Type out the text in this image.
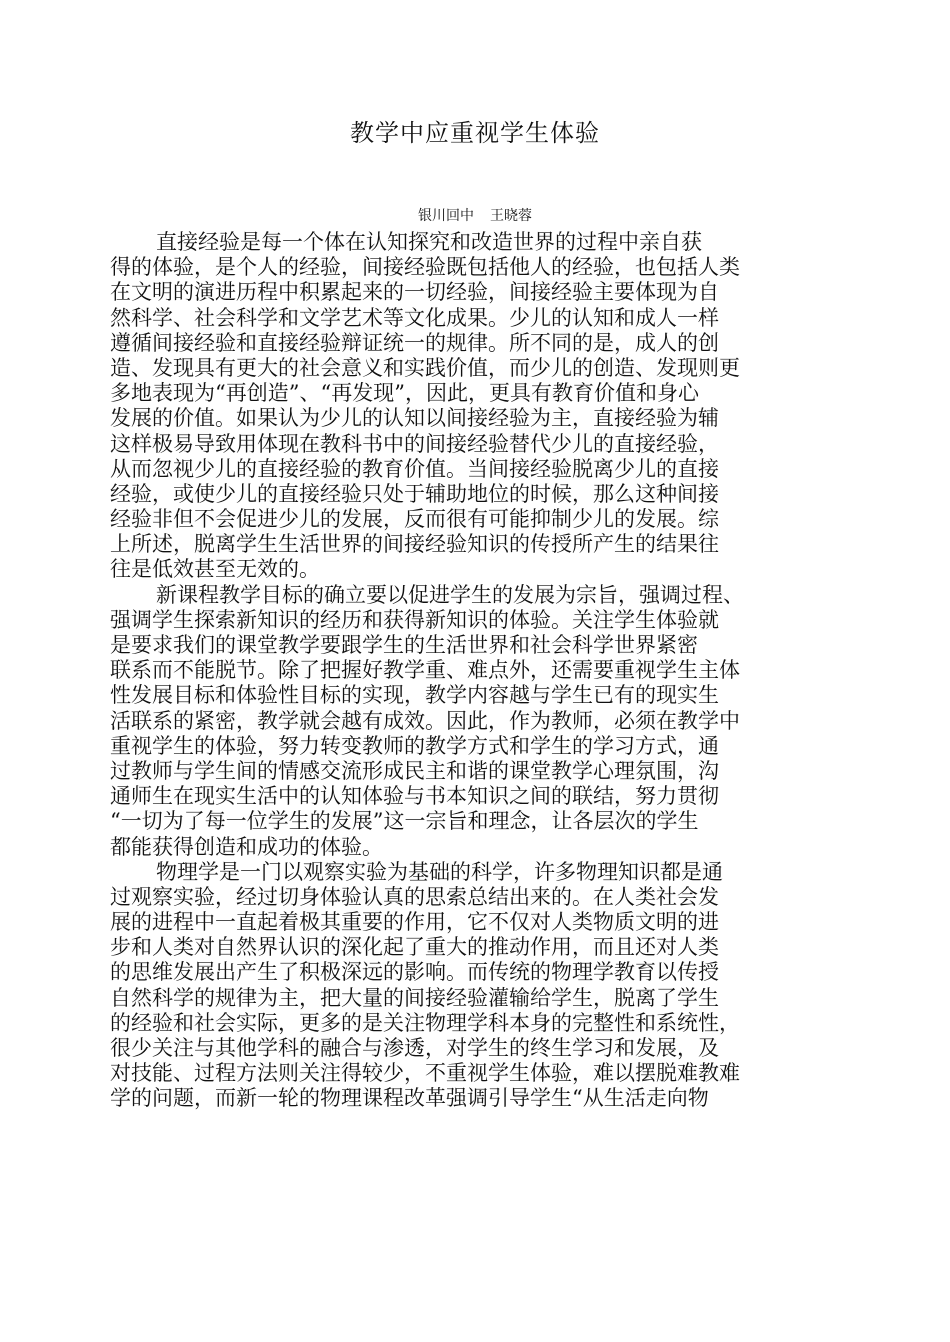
教学中应重视学生体验
银川回中 王晓蓉
直接经验是每一个体在认知探究和改造世界的过程中亲自获
得的体验，是个人的经验，间接经验既包括他人的经验，也包括人类
在文明的演进历程中积累起来的一切经验，间接经验主要体现为自
然科学、社会科学和文学艺术等文化成果。少儿的认知和成人一样
遵循间接经验和直接经验辩证统一的规律。所不同的是，成人的创
造、发现具有更大的社会意义和实践价值，而少儿的创造、发现则更
多地表现为“再创造”、“再发现”，因此，更具有教育价值和身心
发展的价值。如果认为少儿的认知以间接经验为主，直接经验为辅
这样极易导致用体现在教科书中的间接经验替代少儿的直接经验，
从而忽视少儿的直接经验的教育价值。当间接经验脱离少儿的直接
经验，或使少儿的直接经验只处于辅助地位的时候，那么这种间接
经验非但不会促进少儿的发展，反而很有可能抑制少儿的发展。综
上所述，脱离学生生活世界的间接经验知识的传授所产生的结果往
往是低效甚至无效的。
新课程教学目标的确立要以促进学生的发展为宗旨，强调过程、
强调学生探索新知识的经历和获得新知识的体验。关注学生体验就
是要求我们的课堂教学要跟学生的生活世界和社会科学世界紧密
联系而不能脱节。除了把握好教学重、难点外，还需要重视学生主体
性发展目标和体验性目标的实现，教学内容越与学生已有的现实生
活联系的紧密，教学就会越有成效。因此，作为教师，必须在教学中
重视学生的体验，努力转变教师的教学方式和学生的学习方式，通
过教师与学生间的情感交流形成民主和谐的课堂教学心理氛围，沟
通师生在现实生活中的认知体验与书本知识之间的联结，努力贯彻
“一切为了每一位学生的发展”这一宗旨和理念，让各层次的学生
都能获得创造和成功的体验。
物理学是一门以观察实验为基础的科学，许多物理知识都是通
过观察实验，经过切身体验认真的思索总结出来的。在人类社会发
展的进程中一直起着极其重要的作用，它不仅对人类物质文明的进
步和人类对自然界认识的深化起了重大的推动作用，而且还对人类
的思维发展出产生了积极深远的影响。而传统的物理学教育以传授
自然科学的规律为主，把大量的间接经验灌输给学生，脱离了学生
的经验和社会实际，更多的是关注物理学科本身的完整性和系统性，
很少关注与其他学科的融合与渗透，对学生的终生学习和发展，及
对技能、过程方法则关注得较少，不重视学生体验，难以摆脱难教难
学的问题，而新一轮的物理课程改革强调引导学生“从生活走向物
